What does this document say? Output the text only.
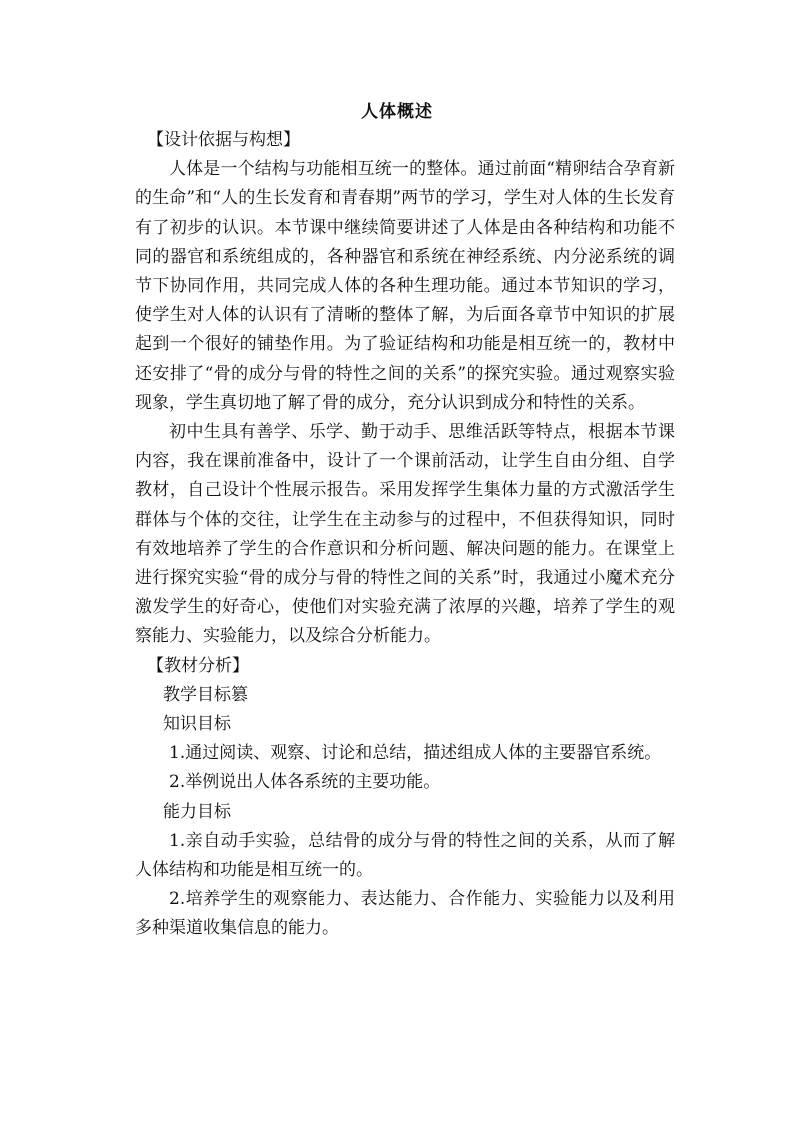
人体概述

【设计依据与构想】

人体是一个结构与功能相互统一的整体。通过前面“精卵结合孕育新的生命”和“人的生长发育和青春期”两节的学习，学生对人体的生长发育有了初步的认识。本节课中继续简要讲述了人体是由各种结构和功能不同的器官和系统组成的，各种器官和系统在神经系统、内分泌系统的调节下协同作用，共同完成人体的各种生理功能。通过本节知识的学习，使学生对人体的认识有了清晰的整体了解，为后面各章节中知识的扩展起到一个很好的铺垫作用。为了验证结构和功能是相互统一的，教材中还安排了“骨的成分与骨的特性之间的关系”的探究实验。通过观察实验现象，学生真切地了解了骨的成分，充分认识到成分和特性的关系。

初中生具有善学、乐学、勤于动手、思维活跃等特点，根据本节课内容，我在课前准备中，设计了一个课前活动，让学生自由分组、自学教材，自己设计个性展示报告。采用发挥学生集体力量的方式激活学生群体与个体的交往，让学生在主动参与的过程中，不但获得知识，同时有效地培养了学生的合作意识和分析问题、解决问题的能力。在课堂上进行探究实验“骨的成分与骨的特性之间的关系”时，我通过小魔术充分激发学生的好奇心，使他们对实验充满了浓厚的兴趣，培养了学生的观察能力、实验能力，以及综合分析能力。

【教材分析】

教学目标篡

知识目标

1.通过阅读、观察、讨论和总结，描述组成人体的主要器官系统。

2.举例说出人体各系统的主要功能。

能力目标

1.亲自动手实验，总结骨的成分与骨的特性之间的关系，从而了解人体结构和功能是相互统一的。

2.培养学生的观察能力、表达能力、合作能力、实验能力以及利用多种渠道收集信息的能力。
